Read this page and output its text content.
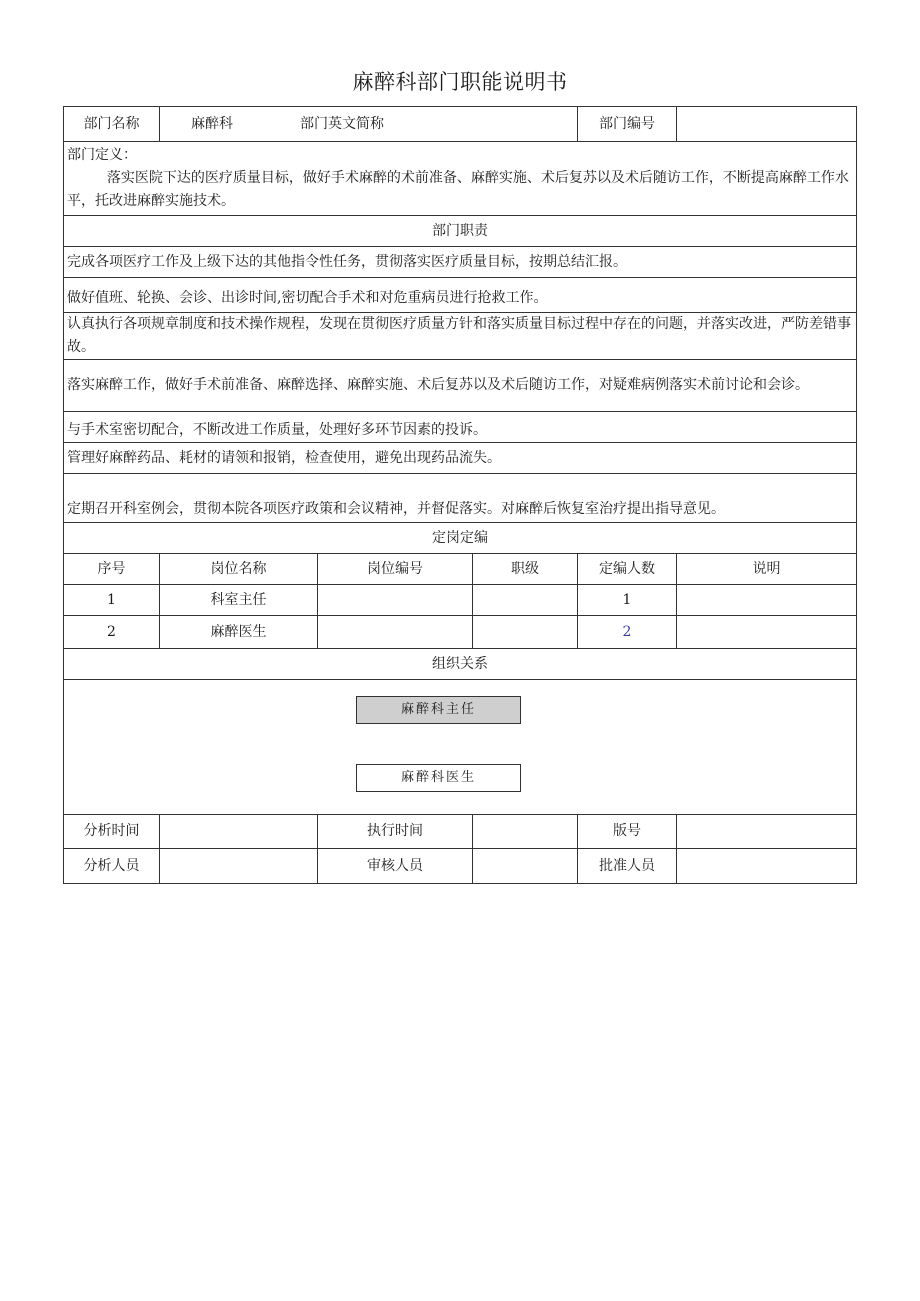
麻醉科部门职能说明书
部门名称	麻醉科 部门英文简称			部门编号	

部门定义：
落实医院下达的医疗质量目标，做好手术麻醉的术前准备、麻醉实施、术后复苏以及术后随访工作，不断提高麻醉工作水平，托改进麻醉实施技术。					

部门职责					
完成各项医疗工作及上级下达的其他指令性任务，贯彻落实医疗质量目标，按期总结汇报。					
做好值班、轮换、会诊、出诊时间,密切配合手术和对危重病员进行抢救工作。					
认真执行各项规章制度和技术操作规程，发现在贯彻医疗质量方针和落实质量目标过程中存在的问题，并落实改进，严防差错事故。					
落实麻醉工作，做好手术前准备、麻醉选择、麻醉实施、术后复苏以及术后随访工作，对疑难病例落实术前讨论和会诊。					
与手术室密切配合，不断改进工作质量，处理好多环节因素的投诉。					
管理好麻醉药品、耗材的请领和报销，检查使用，避免出现药品流失。					
定期召开科室例会，贯彻本院各项医疗政策和会议精神，并督促落实。对麻醉后恢复室治疗提出指导意见。					
定岗定编					
序号	岗位名称	岗位编号	职级	定编人数	说明
1	科室主任			1	
2	麻醉医生			2	
组织关系					

麻醉科主任
麻醉科医生					

分析时间		执行时间		版号	
分析人员		审核人员		批准人员	
